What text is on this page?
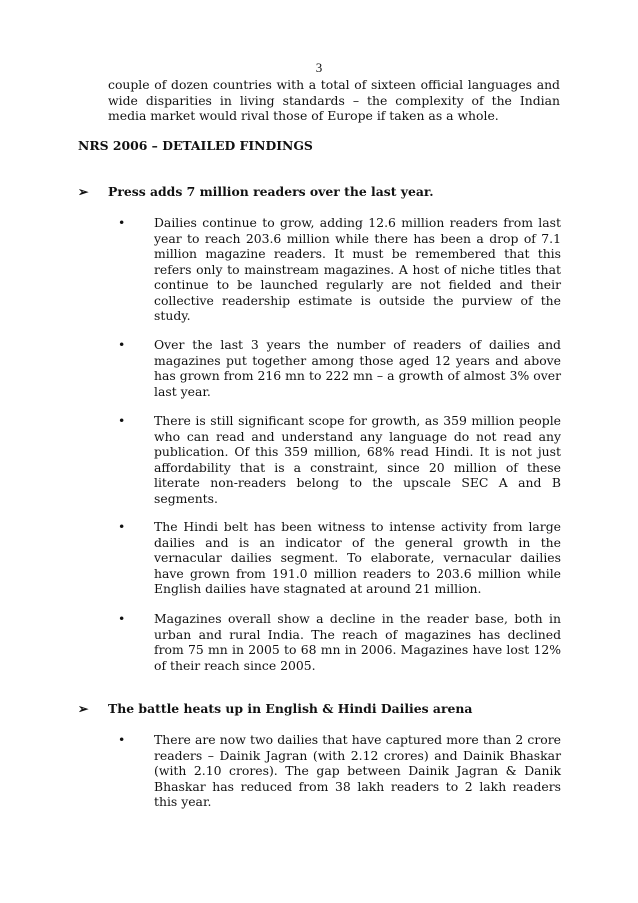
3
couple of dozen countries with a total of sixteen official languages and wide disparities in living standards – the complexity of the Indian media market would rival those of Europe if taken as a whole.
NRS 2006 – DETAILED FINDINGS
➢ Press adds 7 million readers over the last year.
•	Dailies continue to grow, adding 12.6 million readers from last year to reach 203.6 million while there has been a drop of 7.1 million magazine readers. It must be remembered that this refers only to mainstream magazines. A host of niche titles that continue to be launched regularly are not fielded and their collective readership estimate is outside the purview of the study.
•	Over the last 3 years the number of readers of dailies and magazines put together among those aged 12 years and above has grown from 216 mn to 222 mn – a growth of almost 3% over last year.
•	There is still significant scope for growth, as 359 million people who can read and understand any language do not read any publication. Of this 359 million, 68% read Hindi. It is not just affordability that is a constraint, since 20 million of these literate non-readers belong to the upscale SEC A and B segments.
•	The Hindi belt has been witness to intense activity from large dailies and is an indicator of the general growth in the vernacular dailies segment. To elaborate, vernacular dailies have grown from 191.0 million readers to 203.6 million while English dailies have stagnated at around 21 million.
•	Magazines overall show a decline in the reader base, both in urban and rural India. The reach of magazines has declined from 75 mn in 2005 to 68 mn in 2006. Magazines have lost 12% of their reach since 2005.
➢ The battle heats up in English & Hindi Dailies arena
•	There are now two dailies that have captured more than 2 crore readers – Dainik Jagran (with 2.12 crores) and Dainik Bhaskar (with 2.10 crores). The gap between Dainik Jagran & Danik Bhaskar has reduced from 38 lakh readers to 2 lakh readers this year.
